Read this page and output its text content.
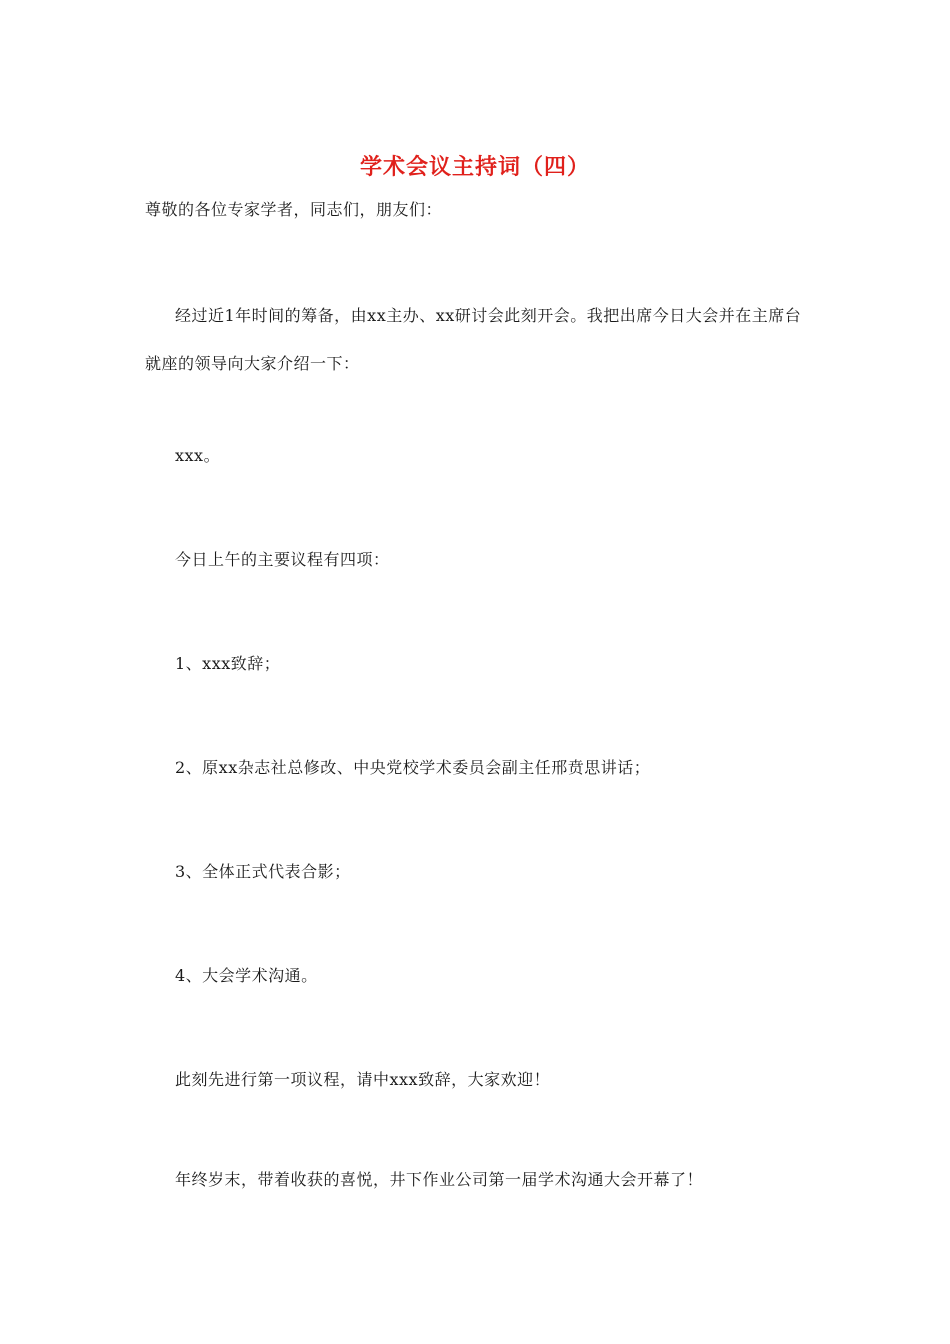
学术会议主持词（四）

尊敬的各位专家学者，同志们，朋友们：

经过近1年时间的筹备，由xx主办、xx研讨会此刻开会。我把出席今日大会并在主席台就座的领导向大家介绍一下：

xxx。

今日上午的主要议程有四项：

1、xxx致辞；

2、原xx杂志社总修改、中央党校学术委员会副主任邢贲思讲话；

3、全体正式代表合影；

4、大会学术沟通。

此刻先进行第一项议程，请中xxx致辞，大家欢迎！

年终岁末，带着收获的喜悦，井下作业公司第一届学术沟通大会开幕了！
